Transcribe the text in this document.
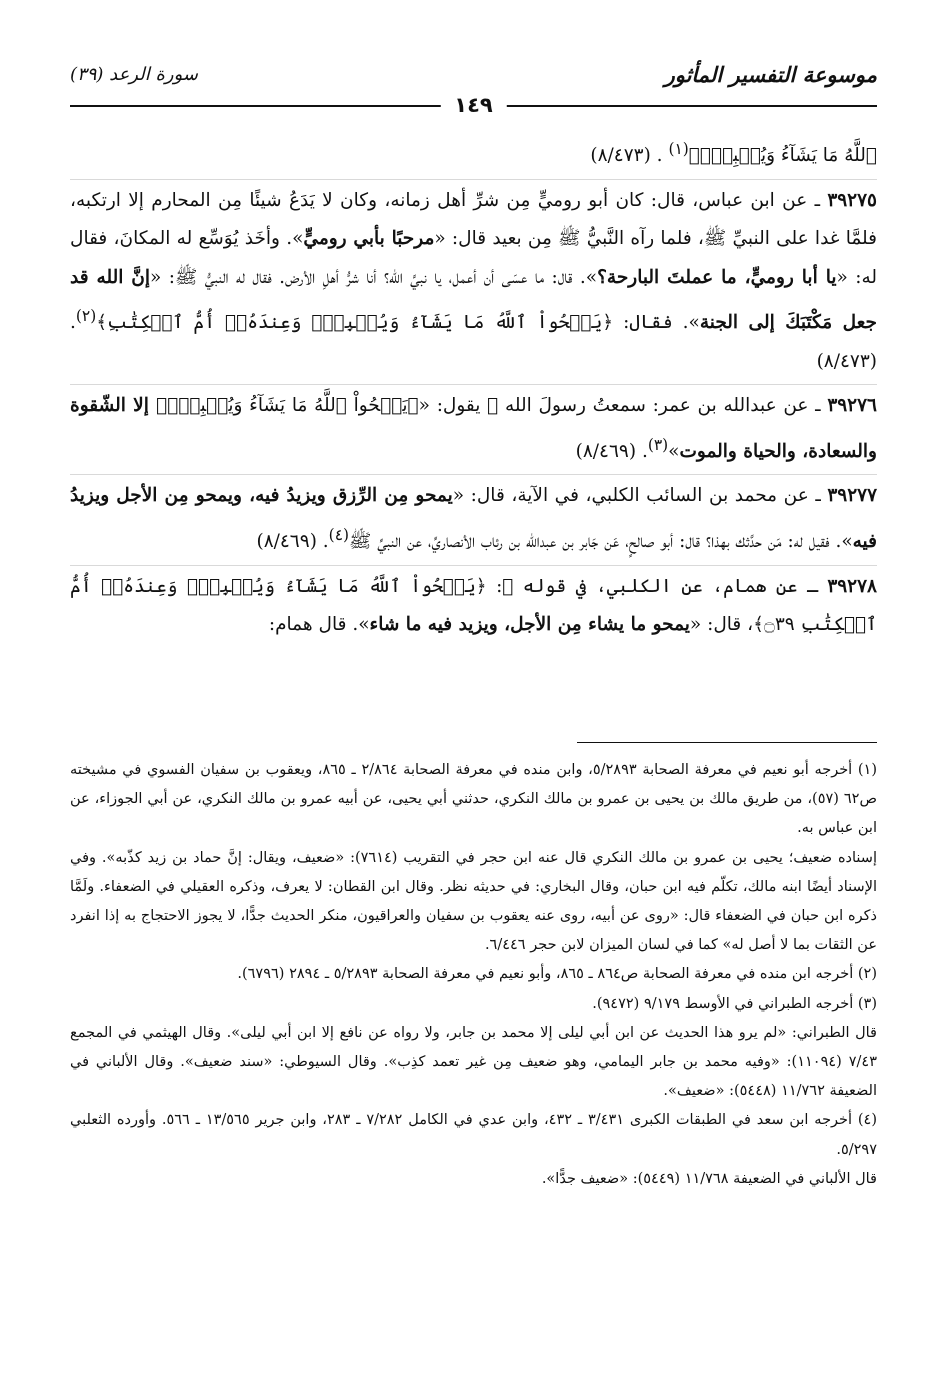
موسوعة التفسير المأثور
سورة الرعد (٣٩)
١٤٩

ٱللَّهُ مَا يَشَآءُ وَيُثۡبِتُۖ﴾$^{(١)}$ . (٨/٤٧٣)

٣٩٢٧٥ ـ عن ابن عباس، قال: كان أبو روميٍّ مِن شرِّ أهل زمانه، وكان لا يَدَعُ شيئًا مِن المحارم إلا ارتكبه، فلمَّا غدا على النبيِّ ﷺ، فلما رآه النَّبيُّ ﷺ مِن بعيد قال: «مرحبًا بأبي روميٍّ». وأخَذ يُوَسِّع له المكانَ، فقال له: «يا أبا روميٍّ، ما عملتَ البارحة؟». قال: ما عسَى أن أعمل، يا نبيَّ الله؟ أنا شرُّ أهلِ الأرض. فقال له النبيُّ ﷺ: «إنَّ الله قد جعل مَكْتَبَكَ إلى الجنة». فقال: ﴿يَمۡحُواْ ٱللَّهُ مَا يَشَآءُ وَيُثۡبِتُۖ وَعِندَهُۥٓ أُمُّ ٱلۡكِتَٰبِ﴾$^{(٢)}$. (٨/٤٧٣)

٣٩٢٧٦ ـ عن عبدالله بن عمر: سمعتُ رسولَ الله ﷺ يقول: «﴿يَمۡحُواْ ٱللَّهُ مَا يَشَآءُ وَيُثۡبِتُۖ﴾ إلا الشّقوة والسعادة، والحياة والموت»$^{(٣)}$. (٨/٤٦٩)

٣٩٢٧٧ ـ عن محمد بن السائب الكلبي، في الآية، قال: «يمحو مِن الرِّزق ويزيدُ فيه، ويمحو مِن الأجل ويزيدُ فيه». فقيل له: مَن حدَّثك بهذا؟ قال: أبو صالحٍ، عَن جَابر بن عبدالله بن رئاب الأنصاريِّ، عن النبيِّ ﷺ$^{(٤)}$. (٨/٤٦٩)

٣٩٢٧٨ ـ عن همام، عن الكلبي، في قوله ﷻ: ﴿يَمۡحُواْ ٱللَّهُ مَا يَشَآءُ وَيُثۡبِتُۖ وَعِندَهُۥٓ أُمُّ ٱلۡكِتَٰبِ ۝٣٩﴾، قال: «يمحو ما يشاء مِن الأجل، ويزيد فيه ما شاء». قال همام:

(١) أخرجه أبو نعيم في معرفة الصحابة ٥/٢٨٩٣، وابن منده في معرفة الصحابة ٢/٨٦٤ ـ ٨٦٥، ويعقوب بن سفيان الفسوي في مشيخته ص٦٢ (٥٧)، من طريق مالك بن يحيى بن عمرو بن مالك النكري، حدثني أبي يحيى، عن أبيه عمرو بن مالك النكري، عن أبي الجوزاء، عن ابن عباس به.

إسناده ضعيف؛ يحيى بن عمرو بن مالك النكري قال عنه ابن حجر في التقريب (٧٦١٤): «ضعيف، ويقال: إنَّ حماد بن زيد كذّبه». وفي الإسناد أيضًا ابنه مالك، تكلّم فيه ابن حبان، وقال البخاري: في حديثه نظر. وقال ابن القطان: لا يعرف، وذكره العقيلي في الضعفاء. ولَمَّا ذكره ابن حبان في الضعفاء قال: «روى عن أبيه، روى عنه يعقوب بن سفيان والعراقيون، منكر الحديث جدًّا، لا يجوز الاحتجاج به إذا انفرد عن الثقات بما لا أصل له» كما في لسان الميزان لابن حجر ٦/٤٤٦.

(٢) أخرجه ابن منده في معرفة الصحابة ص٨٦٤ ـ ٨٦٥، وأبو نعيم في معرفة الصحابة ٥/٢٨٩٣ ـ ٢٨٩٤ (٦٧٩٦).

(٣) أخرجه الطبراني في الأوسط ٩/١٧٩ (٩٤٧٢).

قال الطبراني: «لم يرو هذا الحديث عن ابن أبي ليلى إلا محمد بن جابر، ولا رواه عن نافع إلا ابن أبي ليلى». وقال الهيثمي في المجمع ٧/٤٣ (١١٠٩٤): «وفيه محمد بن جابر اليمامي، وهو ضعيف مِن غير تعمد كذِب». وقال السيوطي: «سند ضعيف». وقال الألباني في الضعيفة ١١/٧٦٢ (٥٤٤٨): «ضعيف».

(٤) أخرجه ابن سعد في الطبقات الكبرى ٣/٤٣١ ـ ٤٣٢، وابن عدي في الكامل ٧/٢٨٢ ـ ٢٨٣، وابن جرير ١٣/٥٦٥ ـ ٥٦٦. وأورده الثعلبي ٥/٢٩٧.

قال الألباني في الضعيفة ١١/٧٦٨ (٥٤٤٩): «ضعيف جدًّا».
